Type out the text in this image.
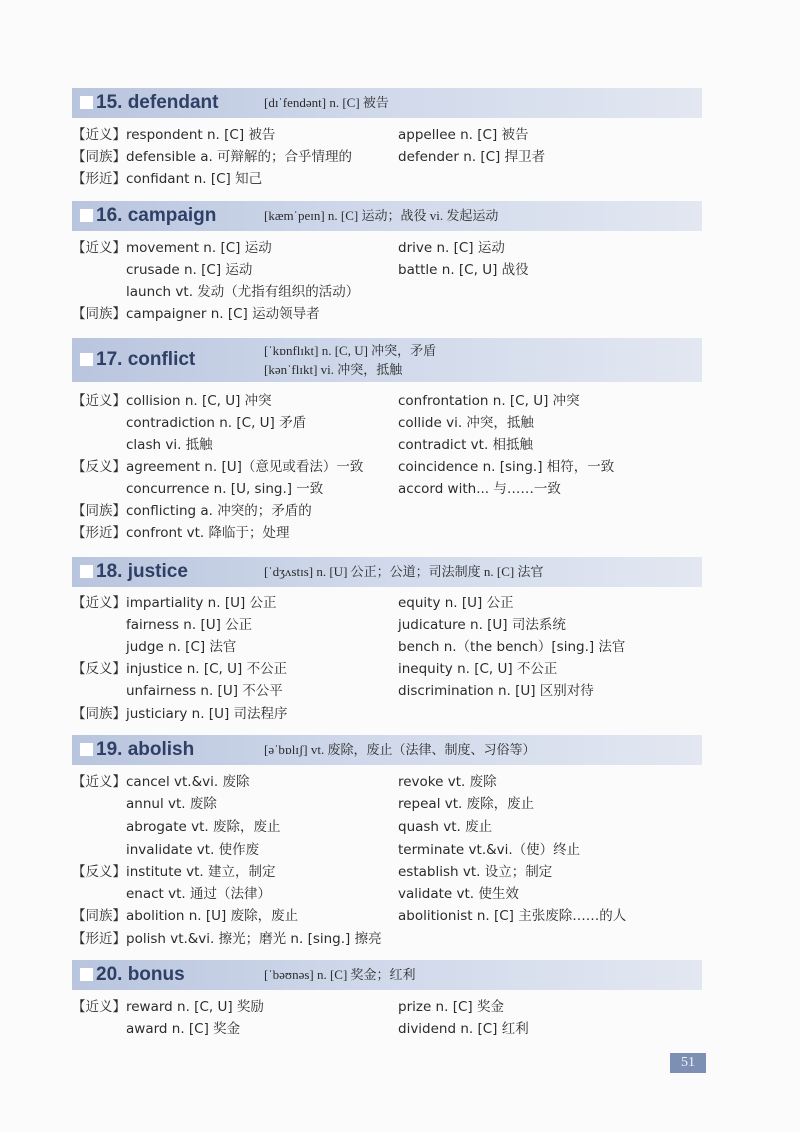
15. defendant	[dɪˈfendənt] n. [C] 被告
【近义】 respondent n. [C] 被告	appellee n. [C] 被告
【同族】 defensible a. 可辩解的；合乎情理的	defender n. [C] 捍卫者
【形近】 confidant n. [C] 知己
16. campaign	[kæmˈpeɪn] n. [C] 运动；战役 vi. 发起运动
【近义】 movement n. [C] 运动	drive n. [C] 运动
crusade n. [C] 运动	battle n. [C, U] 战役
launch vt. 发动（尤指有组织的活动）
【同族】 campaigner n. [C] 运动领导者
17. conflict	[ˈkɒnflɪkt] n. [C, U] 冲突，矛盾
[kənˈflɪkt] vi. 冲突，抵触
【近义】 collision n. [C, U] 冲突	confrontation n. [C, U] 冲突
contradiction n. [C, U] 矛盾	collide vi. 冲突，抵触
clash vi. 抵触	contradict vt. 相抵触
【反义】 agreement n. [U]（意见或看法）一致	coincidence n. [sing.] 相符，一致
concurrence n. [U, sing.] 一致	accord with... 与……一致
【同族】 conflicting a. 冲突的；矛盾的
【形近】 confront vt. 降临于；处理
18. justice	[ˈdʒʌstɪs] n. [U] 公正；公道；司法制度 n. [C] 法官
【近义】 impartiality n. [U] 公正	equity n. [U] 公正
fairness n. [U] 公正	judicature n. [U] 司法系统
judge n. [C] 法官	bench n.（the bench）[sing.] 法官
【反义】 injustice n. [C, U] 不公正	inequity n. [C, U] 不公正
unfairness n. [U] 不公平	discrimination n. [U] 区别对待
【同族】 justiciary n. [U] 司法程序
19. abolish	[əˈbɒlɪʃ] vt. 废除，废止（法律、制度、习俗等）
【近义】 cancel vt.&vi. 废除	revoke vt. 废除
annul vt. 废除	repeal vt. 废除，废止
abrogate vt. 废除，废止	quash vt. 废止
invalidate vt. 使作废	terminate vt.&vi.（使）终止
【反义】 institute vt. 建立，制定	establish vt. 设立；制定
enact vt. 通过（法律）	validate vt. 使生效
【同族】 abolition n. [U] 废除，废止	abolitionist n. [C] 主张废除……的人
【形近】 polish vt.&vi. 擦光；磨光 n. [sing.] 擦亮
20. bonus	[ˈbəʊnəs] n. [C] 奖金；红利
【近义】 reward n. [C, U] 奖励	prize n. [C] 奖金
award n. [C] 奖金	dividend n. [C] 红利
51
